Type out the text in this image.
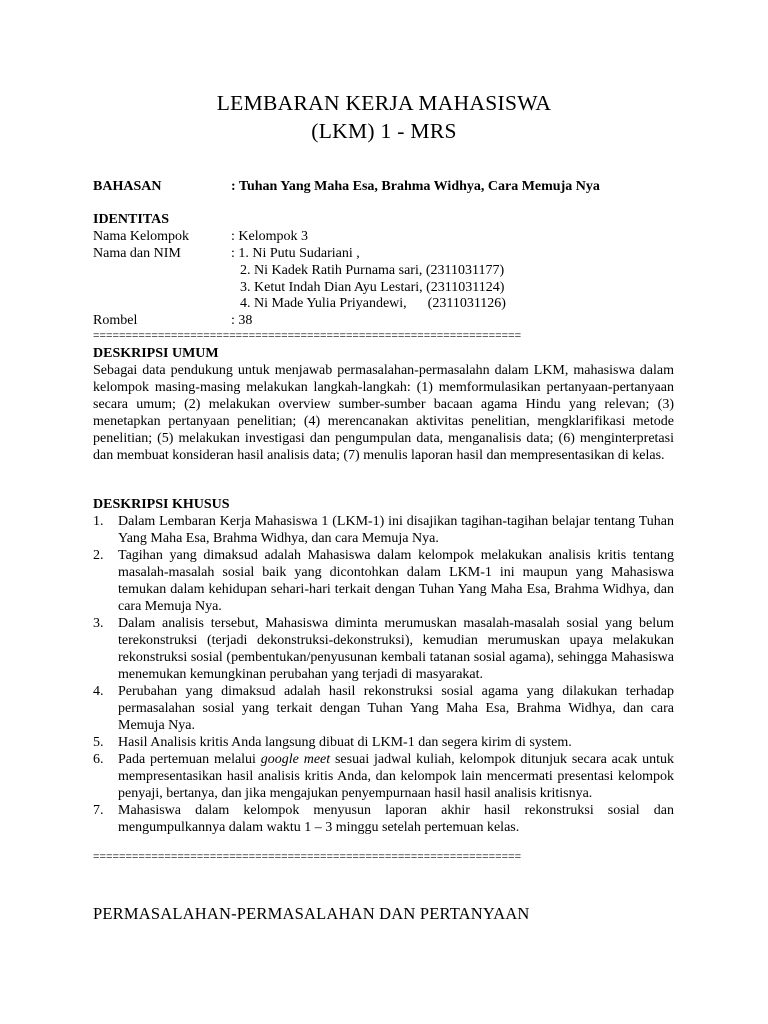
LEMBARAN KERJA MAHASISWA
(LKM) 1 - MRS
BAHASAN	: Tuhan Yang Maha Esa, Brahma Widhya, Cara Memuja Nya
IDENTITAS
Nama Kelompok	: Kelompok 3
Nama dan NIM	: 1. Ni Putu Sudariani ,
2. Ni Kadek Ratih Purnama sari, (2311031177)
3. Ketut Indah Dian Ayu Lestari, (2311031124)
4. Ni Made Yulia Priyandewi,      (2311031126)
Rombel	: 38
==================================================================
DESKRIPSI UMUM
Sebagai data pendukung untuk menjawab permasalahan-permasalahn dalam LKM, mahasiswa dalam kelompok masing-masing melakukan langkah-langkah: (1) memformulasikan pertanyaan-pertanyaan secara umum; (2) melakukan overview sumber-sumber bacaan agama Hindu yang relevan; (3) menetapkan pertanyaan penelitian; (4) merencanakan aktivitas penelitian, mengklarifikasi metode penelitian; (5) melakukan investigasi dan pengumpulan data, menganalisis data; (6) menginterpretasi dan membuat konsideran hasil analisis data; (7) menulis laporan hasil dan mempresentasikan di kelas.
DESKRIPSI KHUSUS
1.	Dalam Lembaran Kerja Mahasiswa 1 (LKM-1) ini disajikan tagihan-tagihan belajar tentang Tuhan Yang Maha Esa, Brahma Widhya, dan cara Memuja Nya.
2.	Tagihan yang dimaksud adalah Mahasiswa dalam kelompok melakukan analisis kritis tentang masalah-masalah sosial baik yang dicontohkan dalam LKM-1 ini maupun yang Mahasiswa temukan dalam kehidupan sehari-hari terkait dengan Tuhan Yang Maha Esa, Brahma Widhya, dan cara Memuja Nya.
3.	Dalam analisis tersebut, Mahasiswa diminta merumuskan masalah-masalah sosial yang belum terekonstruksi (terjadi dekonstruksi-dekonstruksi), kemudian merumuskan upaya melakukan rekonstruksi sosial (pembentukan/penyusunan kembali tatanan sosial agama), sehingga Mahasiswa menemukan kemungkinan perubahan yang terjadi di masyarakat.
4.	Perubahan yang dimaksud adalah hasil rekonstruksi sosial agama yang dilakukan terhadap permasalahan sosial yang terkait dengan Tuhan Yang Maha Esa, Brahma Widhya, dan cara Memuja Nya.
5.	Hasil Analisis kritis Anda langsung dibuat di LKM-1 dan segera kirim di system.
6.	Pada pertemuan melalui google meet sesuai jadwal kuliah, kelompok ditunjuk secara acak untuk mempresentasikan hasil analisis kritis Anda, dan kelompok lain mencermati presentasi kelompok penyaji, bertanya, dan jika mengajukan penyempurnaan hasil hasil analisis kritisnya.
7.	Mahasiswa dalam kelompok menyusun laporan akhir hasil rekonstruksi sosial dan mengumpulkannya dalam waktu 1 – 3 minggu setelah pertemuan kelas.
==================================================================
PERMASALAHAN-PERMASALAHAN DAN PERTANYAAN
